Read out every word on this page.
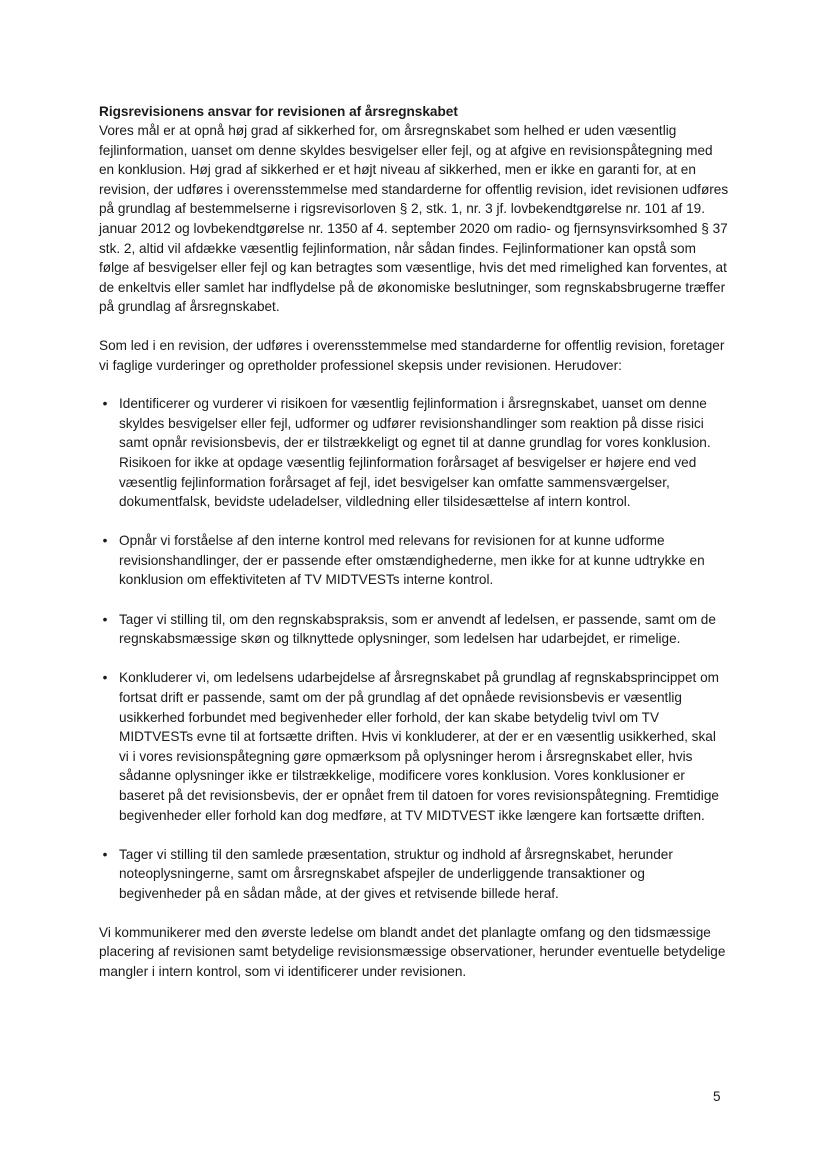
Rigsrevisionens ansvar for revisionen af årsregnskabet

Vores mål er at opnå høj grad af sikkerhed for, om årsregnskabet som helhed er uden væsentlig fejlinformation, uanset om denne skyldes besvigelser eller fejl, og at afgive en revisionspåtegning med en konklusion. Høj grad af sikkerhed er et højt niveau af sikkerhed, men er ikke en garanti for, at en revision, der udføres i overensstemmelse med standarderne for offentlig revision, idet revisionen udføres på grundlag af bestemmelserne i rigsrevisorloven § 2, stk. 1, nr. 3 jf. lovbekendtgørelse nr. 101 af 19. januar 2012 og lovbekendtgørelse nr. 1350 af 4. september 2020 om radio- og fjernsynsvirksomhed § 37 stk. 2, altid vil afdække væsentlig fejlinformation, når sådan findes. Fejlinformationer kan opstå som følge af besvigelser eller fejl og kan betragtes som væsentlige, hvis det med rimelighed kan forventes, at de enkeltvis eller samlet har indflydelse på de økonomiske beslutninger, som regnskabsbrugerne træffer på grundlag af årsregnskabet.

Som led i en revision, der udføres i overensstemmelse med standarderne for offentlig revision, foretager vi faglige vurderinger og opretholder professionel skepsis under revisionen. Herudover:

• Identificerer og vurderer vi risikoen for væsentlig fejlinformation i årsregnskabet, uanset om denne skyldes besvigelser eller fejl, udformer og udfører revisionshandlinger som reaktion på disse risici samt opnår revisionsbevis, der er tilstrækkeligt og egnet til at danne grundlag for vores konklusion. Risikoen for ikke at opdage væsentlig fejlinformation forårsaget af besvigelser er højere end ved væsentlig fejlinformation forårsaget af fejl, idet besvigelser kan omfatte sammensværgelser, dokumentfalsk, bevidste udeladelser, vildledning eller tilsidesættelse af intern kontrol.
• Opnår vi forståelse af den interne kontrol med relevans for revisionen for at kunne udforme revisionshandlinger, der er passende efter omstændighederne, men ikke for at kunne udtrykke en konklusion om effektiviteten af TV MIDTVESTs interne kontrol.
• Tager vi stilling til, om den regnskabspraksis, som er anvendt af ledelsen, er passende, samt om de regnskabsmæssige skøn og tilknyttede oplysninger, som ledelsen har udarbejdet, er rimelige.
• Konkluderer vi, om ledelsens udarbejdelse af årsregnskabet på grundlag af regnskabsprincippet om fortsat drift er passende, samt om der på grundlag af det opnåede revisionsbevis er væsentlig usikkerhed forbundet med begivenheder eller forhold, der kan skabe betydelig tvivl om TV MIDTVESTs evne til at fortsætte driften. Hvis vi konkluderer, at der er en væsentlig usikkerhed, skal vi i vores revisionspåtegning gøre opmærksom på oplysninger herom i årsregnskabet eller, hvis sådanne oplysninger ikke er tilstrækkelige, modificere vores konklusion. Vores konklusioner er baseret på det revisionsbevis, der er opnået frem til datoen for vores revisionspåtegning. Fremtidige begivenheder eller forhold kan dog medføre, at TV MIDTVEST ikke længere kan fortsætte driften.
• Tager vi stilling til den samlede præsentation, struktur og indhold af årsregnskabet, herunder noteoplysningerne, samt om årsregnskabet afspejler de underliggende transaktioner og begivenheder på en sådan måde, at der gives et retvisende billede heraf.

Vi kommunikerer med den øverste ledelse om blandt andet det planlagte omfang og den tidsmæssige placering af revisionen samt betydelige revisionsmæssige observationer, herunder eventuelle betydelige mangler i intern kontrol, som vi identificerer under revisionen.

5
